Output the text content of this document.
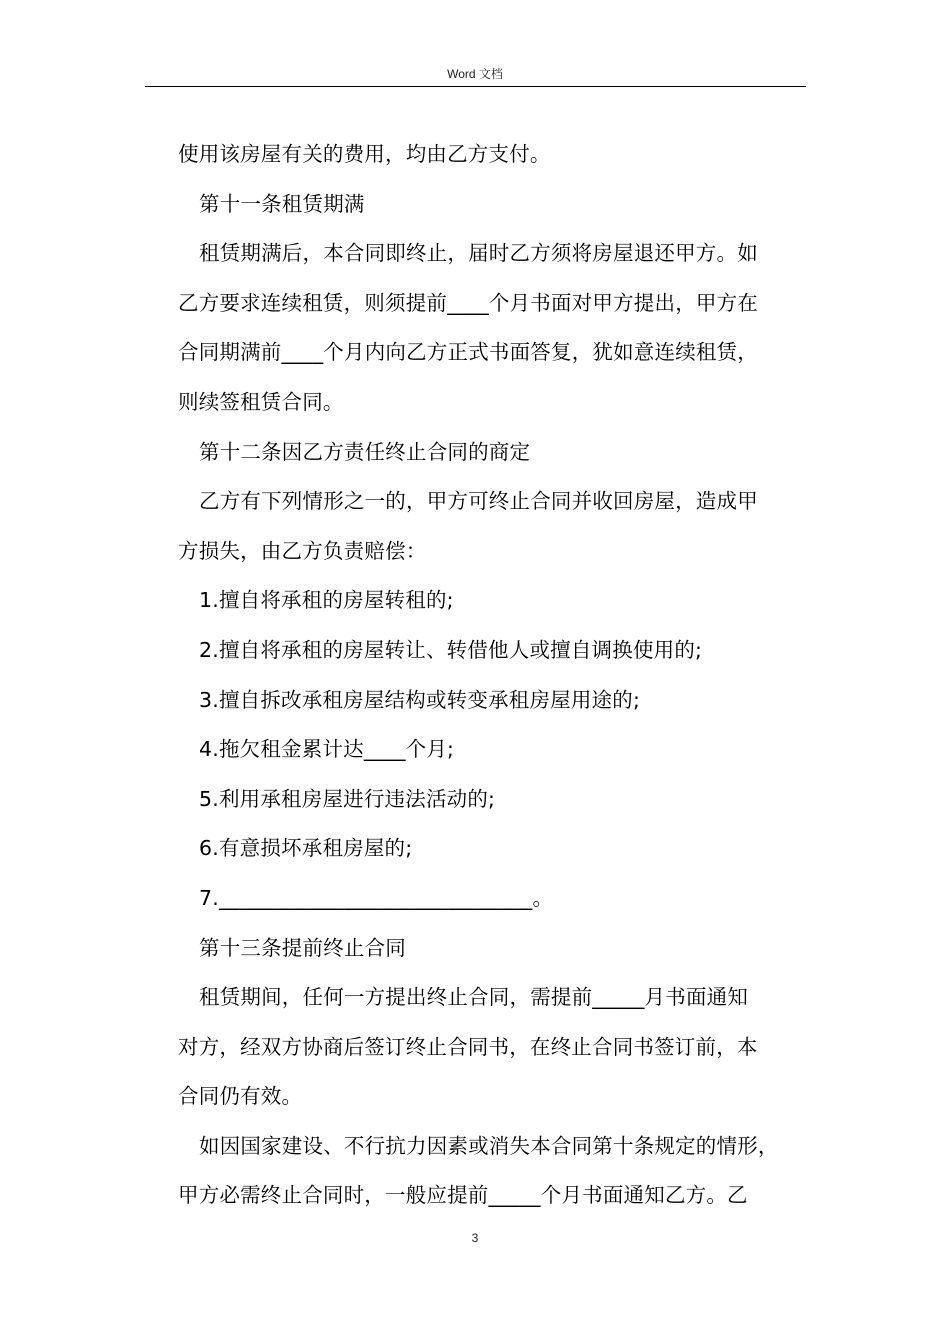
Word 文档
使用该房屋有关的费用，均由乙方支付。
第十一条租赁期满
租赁期满后，本合同即终止，届时乙方须将房屋退还甲方。如
乙方要求连续租赁，则须提前____个月书面对甲方提出，甲方在
合同期满前____个月内向乙方正式书面答复，犹如意连续租赁，
则续签租赁合同。
第十二条因乙方责任终止合同的商定
乙方有下列情形之一的，甲方可终止合同并收回房屋，造成甲
方损失，由乙方负责赔偿：
1.擅自将承租的房屋转租的;
2.擅自将承租的房屋转让、转借他人或擅自调换使用的;
3.擅自拆改承租房屋结构或转变承租房屋用途的;
4.拖欠租金累计达____个月;
5.利用承租房屋进行违法活动的;
6.有意损坏承租房屋的;
7.______________________________。
第十三条提前终止合同
租赁期间，任何一方提出终止合同，需提前_____月书面通知
对方，经双方协商后签订终止合同书，在终止合同书签订前，本
合同仍有效。
如因国家建设、不行抗力因素或消失本合同第十条规定的情形，
甲方必需终止合同时，一般应提前_____个月书面通知乙方。乙
3
